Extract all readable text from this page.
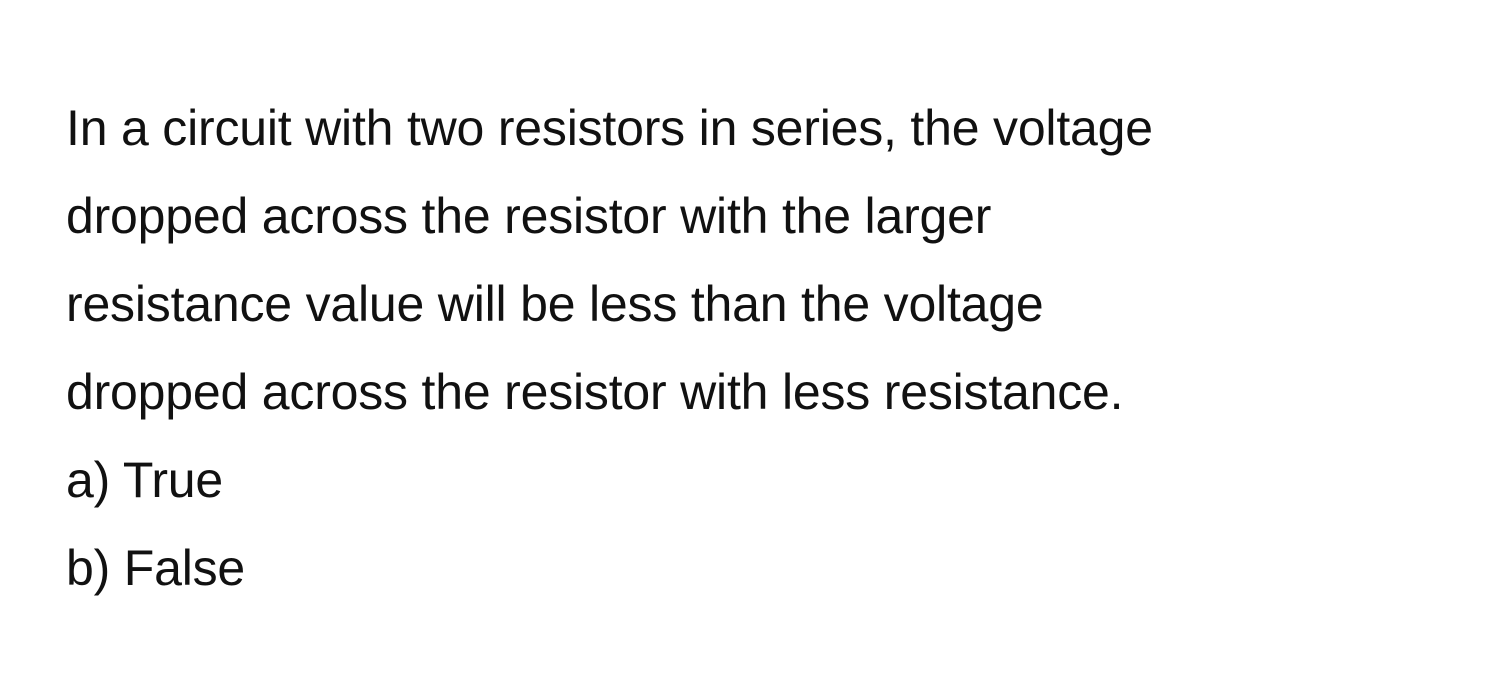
In a circuit with two resistors in series, the voltage
dropped across the resistor with the larger
resistance value will be less than the voltage
dropped across the resistor with less resistance.
a) True
b) False
